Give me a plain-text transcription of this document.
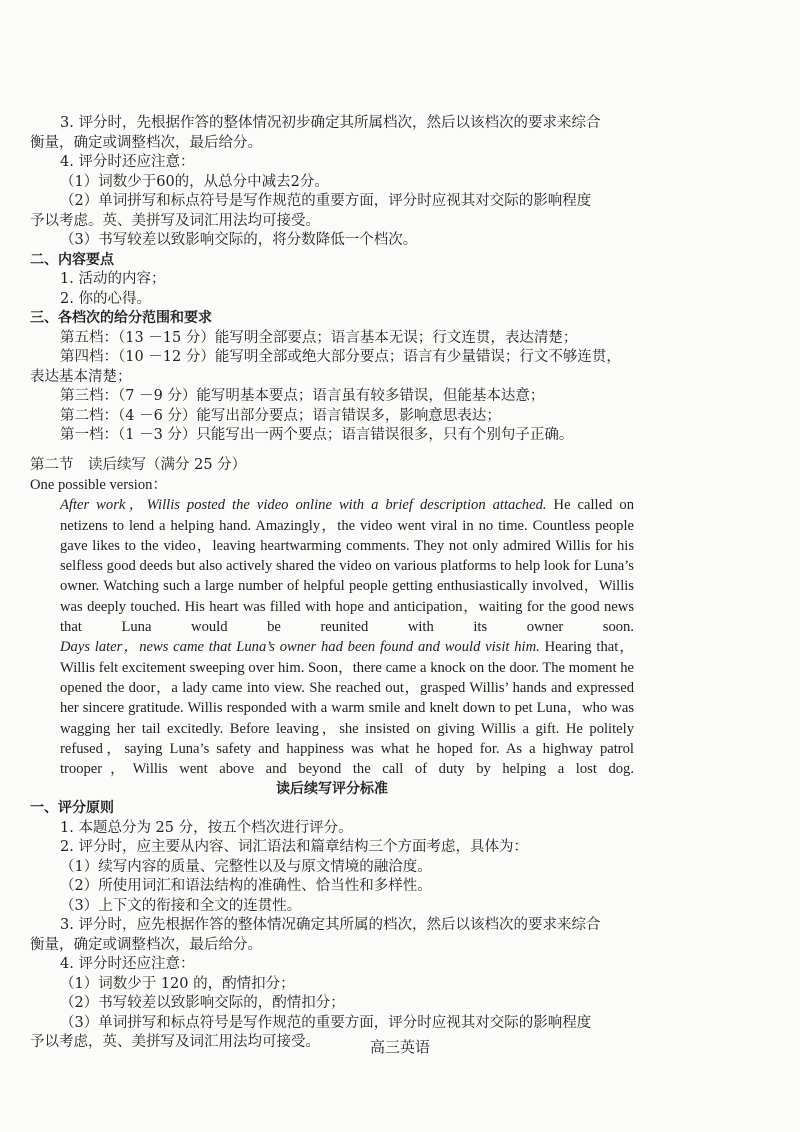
3. 评分时，先根据作答的整体情况初步确定其所属档次，然后以该档次的要求来综合
衡量，确定或调整档次，最后给分。
4. 评分时还应注意：
（1）词数少于60的，从总分中减去2分。
（2）单词拼写和标点符号是写作规范的重要方面，评分时应视其对交际的影响程度
予以考虑。英、美拼写及词汇用法均可接受。
（3）书写较差以致影响交际的，将分数降低一个档次。
二、内容要点
1. 活动的内容；
2. 你的心得。
三、各档次的给分范围和要求
第五档：（13 －15 分）能写明全部要点；语言基本无误；行文连贯，表达清楚；
第四档：（10 －12 分）能写明全部或绝大部分要点；语言有少量错误；行文不够连贯，
表达基本清楚；
第三档：（7 －9 分）能写明基本要点；语言虽有较多错误，但能基本达意；
第二档：（4 －6 分）能写出部分要点；语言错误多，影响意思表达；
第一档：（1 －3 分）只能写出一两个要点；语言错误很多，只有个别句子正确。
第二节　读后续写（满分 25 分）
One possible version：

After work，Willis posted the video online with a brief description attached. He called on netizens to lend a helping hand. Amazingly，the video went viral in no time. Countless people gave likes to the video，leaving heartwarming comments. They not only admired Willis for his selfless good deeds but also actively shared the video on various platforms to help look for Luna’s owner. Watching such a large number of helpful people getting enthusiastically involved，Willis was deeply touched. His heart was filled with hope and anticipation，waiting for the good news that Luna would be reunited with its owner soon.

Days later，news came that Luna’s owner had been found and would visit him. Hearing that，Willis felt excitement sweeping over him. Soon，there came a knock on the door. The moment he opened the door，a lady came into view. She reached out，grasped Willis’ hands and expressed her sincere gratitude. Willis responded with a warm smile and knelt down to pet Luna，who was wagging her tail excitedly. Before leaving，she insisted on giving Willis a gift. He politely refused，saying Luna’s safety and happiness was what he hoped for. As a highway patrol trooper，Willis went above and beyond the call of duty by helping a lost dog.

读后续写评分标准
一、评分原则
1. 本题总分为 25 分，按五个档次进行评分。
2. 评分时，应主要从内容、词汇语法和篇章结构三个方面考虑，具体为：
（1）续写内容的质量、完整性以及与原文情境的融洽度。
（2）所使用词汇和语法结构的准确性、恰当性和多样性。
（3）上下文的衔接和全文的连贯性。
3. 评分时，应先根据作答的整体情况确定其所属的档次，然后以该档次的要求来综合
衡量，确定或调整档次，最后给分。
4. 评分时还应注意：
（1）词数少于 120 的，酌情扣分；
（2）书写较差以致影响交际的，酌情扣分；
（3）单词拼写和标点符号是写作规范的重要方面，评分时应视其对交际的影响程度
予以考虑，英、美拼写及词汇用法均可接受。	高三英语
